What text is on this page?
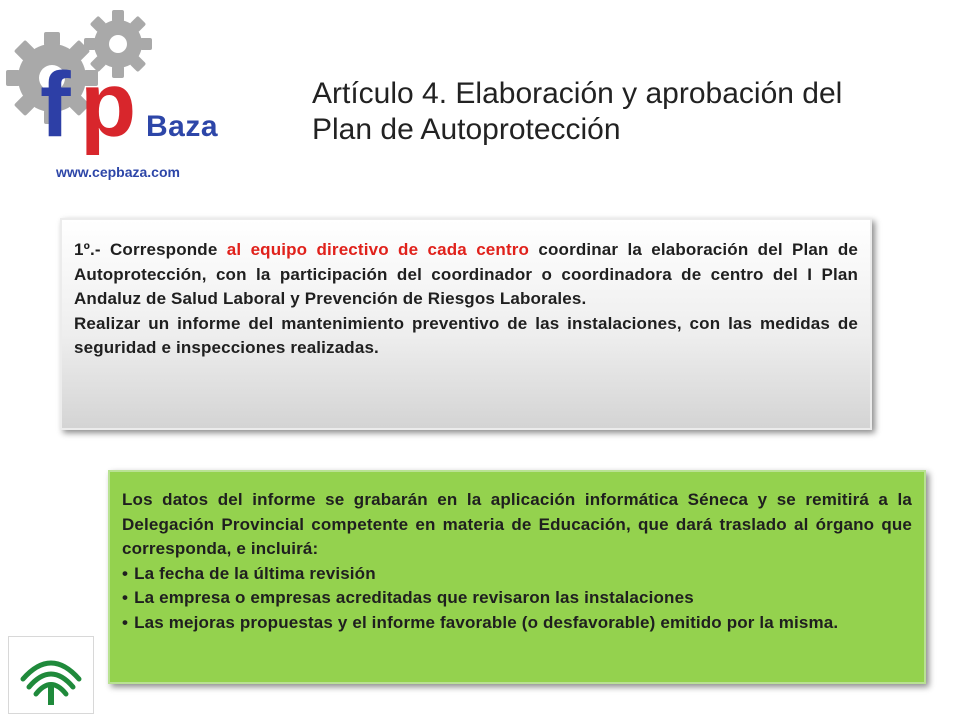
f p Baza
www.cepbaza.com
Artículo 4. Elaboración y aprobación del Plan de Autoprotección

1º.- Corresponde al equipo directivo de cada centro coordinar la elaboración del Plan de Autoprotección, con la participación del coordinador o coordinadora de centro del I Plan Andaluz de Salud Laboral y Prevención de Riesgos Laborales.

Realizar un informe del mantenimiento preventivo de las instalaciones, con las medidas de seguridad e inspecciones realizadas.

Los datos del informe se grabarán en la aplicación informática Séneca y se remitirá a la Delegación Provincial competente en materia de Educación, que dará traslado al órgano que corresponda, e incluirá:

• La fecha de la última revisión
• La empresa o empresas acreditadas que revisaron las instalaciones
• Las mejoras propuestas y el informe favorable (o desfavorable) emitido por la misma.
